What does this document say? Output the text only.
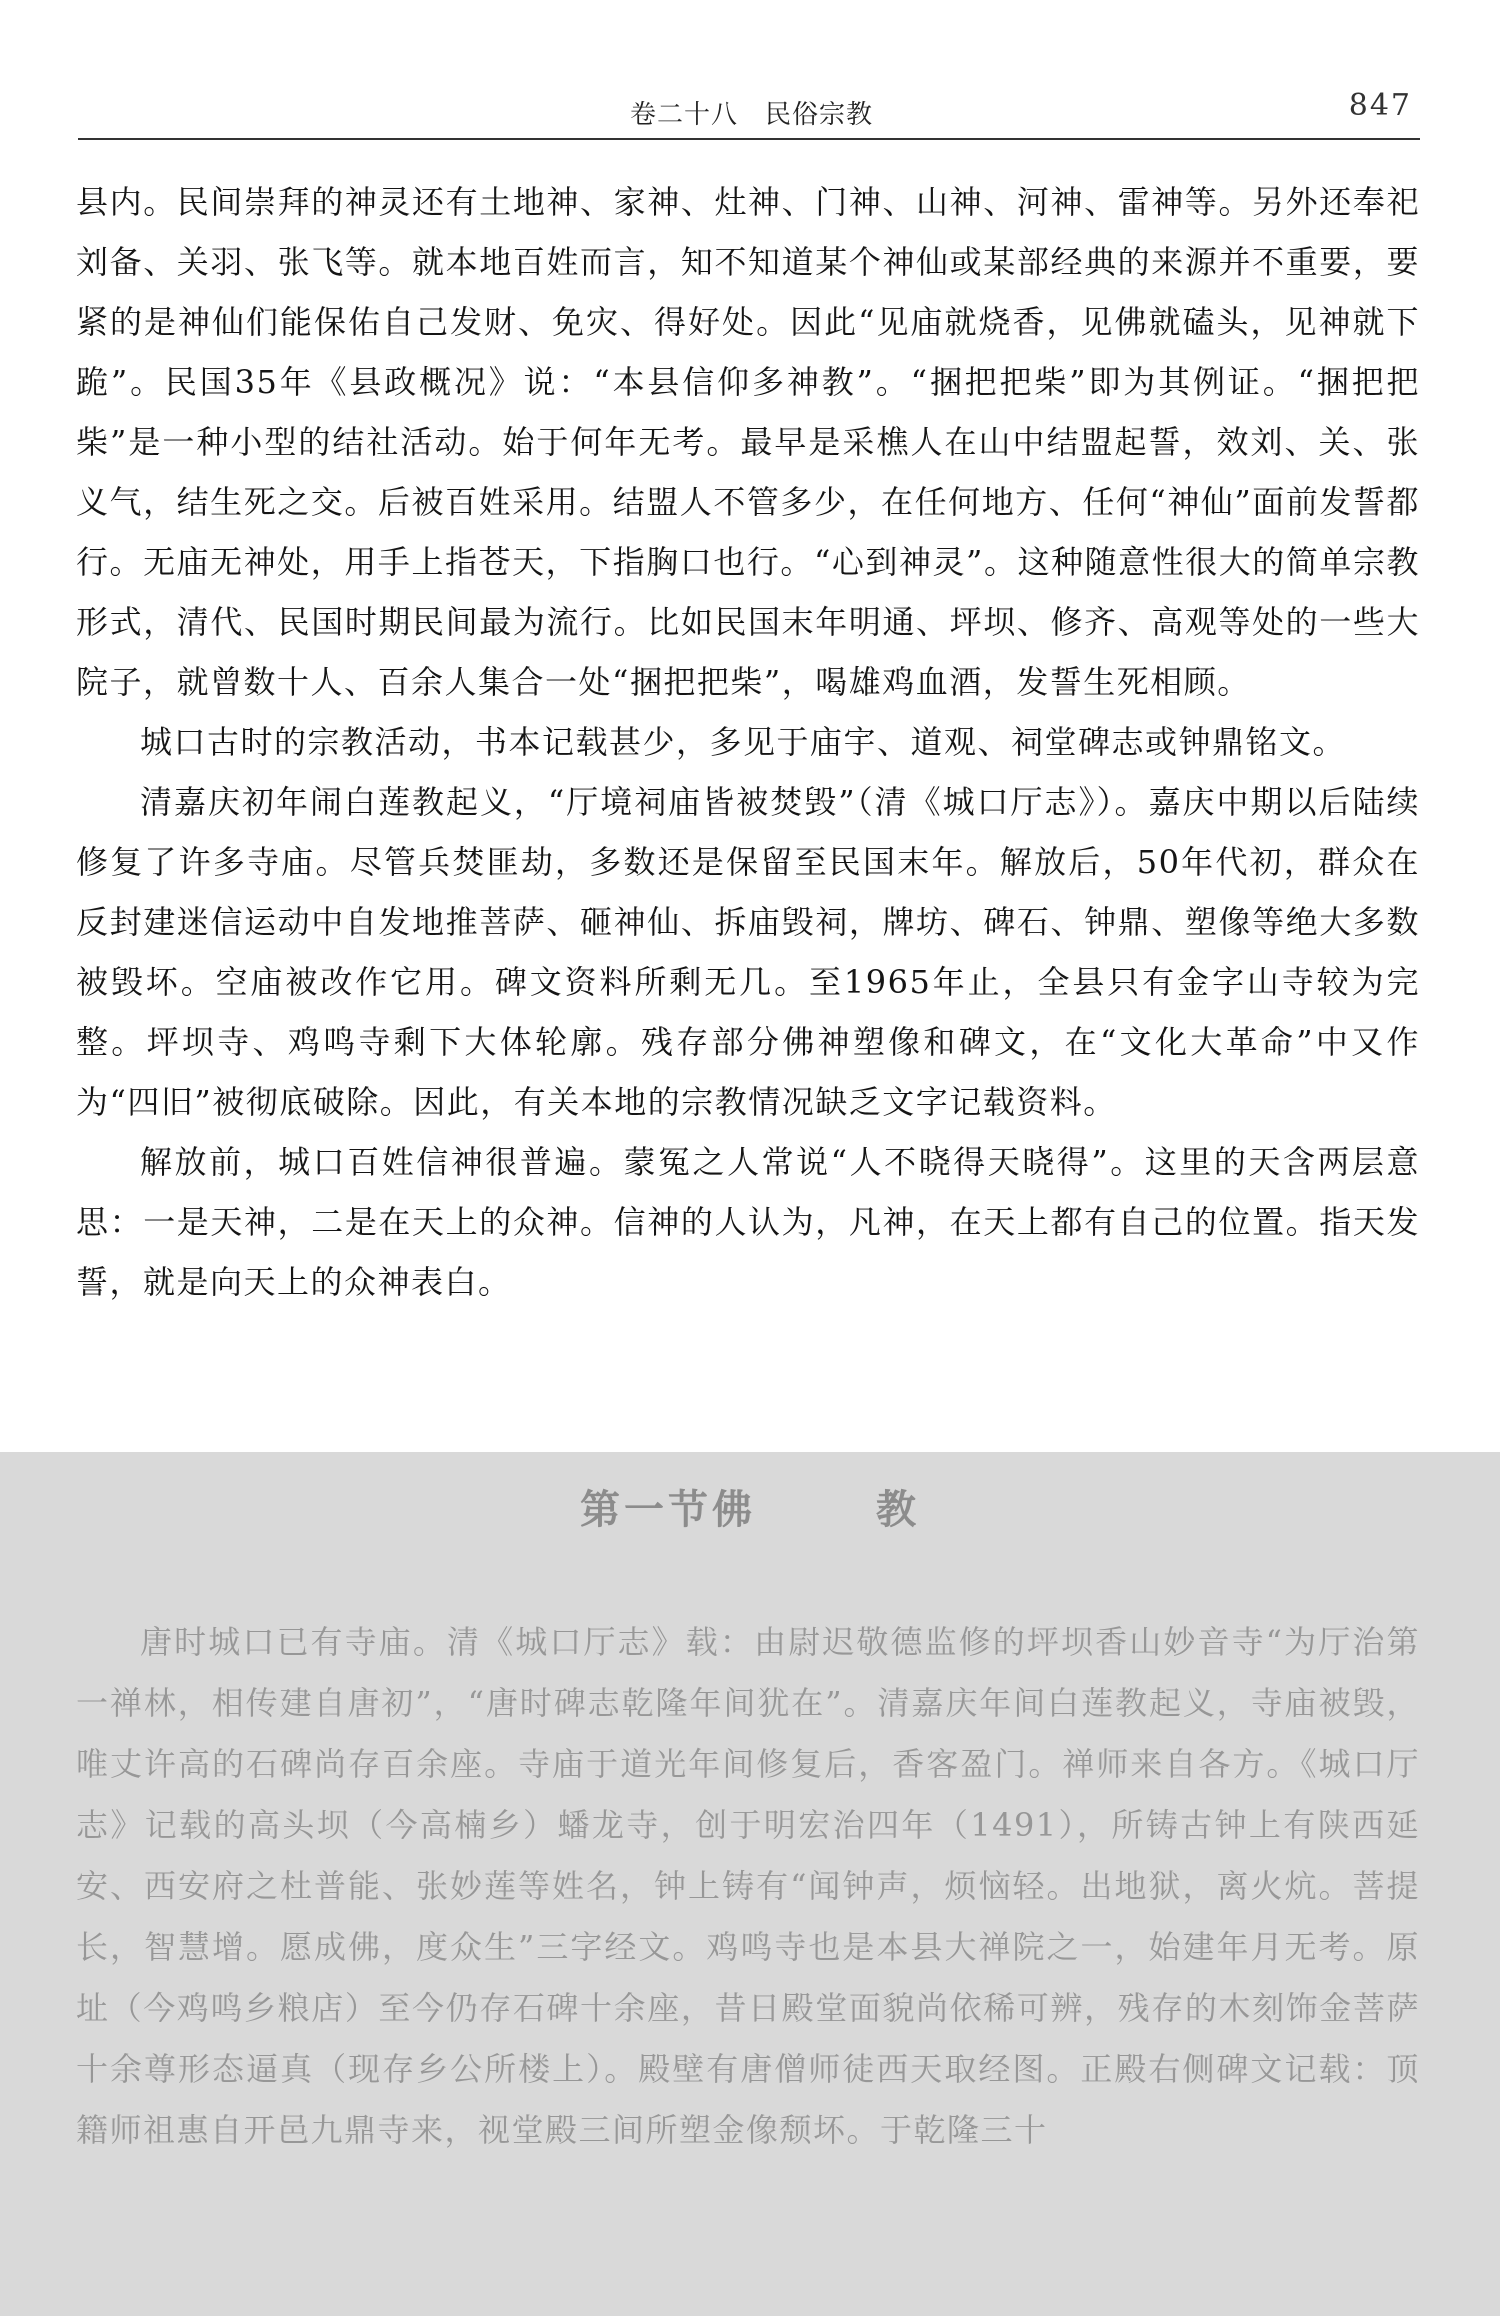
卷二十八　民俗宗教	847

县内。民间崇拜的神灵还有土地神、家神、灶神、门神、山神、河神、雷神等。另外还奉祀刘备、关羽、张飞等。就本地百姓而言，知不知道某个神仙或某部经典的来源并不重要，要紧的是神仙们能保佑自己发财、免灾、得好处。因此“见庙就烧香，见佛就磕头，见神就下跪”。民国35年《县政概况》说：“本县信仰多神教”。“捆把把柴”即为其例证。“捆把把柴”是一种小型的结社活动。始于何年无考。最早是采樵人在山中结盟起誓，效刘、关、张义气，结生死之交。后被百姓采用。结盟人不管多少，在任何地方、任何“神仙”面前发誓都行。无庙无神处，用手上指苍天，下指胸口也行。“心到神灵”。这种随意性很大的简单宗教形式，清代、民国时期民间最为流行。比如民国末年明通、坪坝、修齐、高观等处的一些大院子，就曾数十人、百余人集合一处“捆把把柴”，喝雄鸡血酒，发誓生死相顾。

城口古时的宗教活动，书本记载甚少，多见于庙宇、道观、祠堂碑志或钟鼎铭文。

清嘉庆初年闹白莲教起义，“厅境祠庙皆被焚毁”（清《城口厅志》）。嘉庆中期以后陆续修复了许多寺庙。尽管兵焚匪劫，多数还是保留至民国末年。解放后，50年代初，群众在反封建迷信运动中自发地推菩萨、砸神仙、拆庙毁祠，牌坊、碑石、钟鼎、塑像等绝大多数被毁坏。空庙被改作它用。碑文资料所剩无几。至1965年止，全县只有金字山寺较为完整。坪坝寺、鸡鸣寺剩下大体轮廓。残存部分佛神塑像和碑文，在“文化大革命”中又作为“四旧”被彻底破除。因此，有关本地的宗教情况缺乏文字记载资料。

解放前，城口百姓信神很普遍。蒙冤之人常说“人不晓得天晓得”。这里的天含两层意思：一是天神，二是在天上的众神。信神的人认为，凡神，在天上都有自己的位置。指天发誓，就是向天上的众神表白。

第一节佛	教

唐时城口已有寺庙。清《城口厅志》载：由尉迟敬德监修的坪坝香山妙音寺“为厅治第一禅林，相传建自唐初”，“唐时碑志乾隆年间犹在”。清嘉庆年间白莲教起义，寺庙被毁，唯丈许高的石碑尚存百余座。寺庙于道光年间修复后，香客盈门。禅师来自各方。《城口厅志》记载的高头坝（今高楠乡）蟠龙寺，创于明宏治四年（1491），所铸古钟上有陕西延安、西安府之杜普能、张妙莲等姓名，钟上铸有“闻钟声，烦恼轻。出地狱，离火炕。菩提长，智慧增。愿成佛，度众生”三字经文。鸡鸣寺也是本县大禅院之一，始建年月无考。原址（今鸡鸣乡粮店）至今仍存石碑十余座，昔日殿堂面貌尚依稀可辨，残存的木刻饰金菩萨十余尊形态逼真（现存乡公所楼上）。殿壁有唐僧师徒西天取经图。正殿右侧碑文记载：顶籍师祖惠自开邑九鼎寺来，视堂殿三间所塑金像颓坏。于乾隆三十
